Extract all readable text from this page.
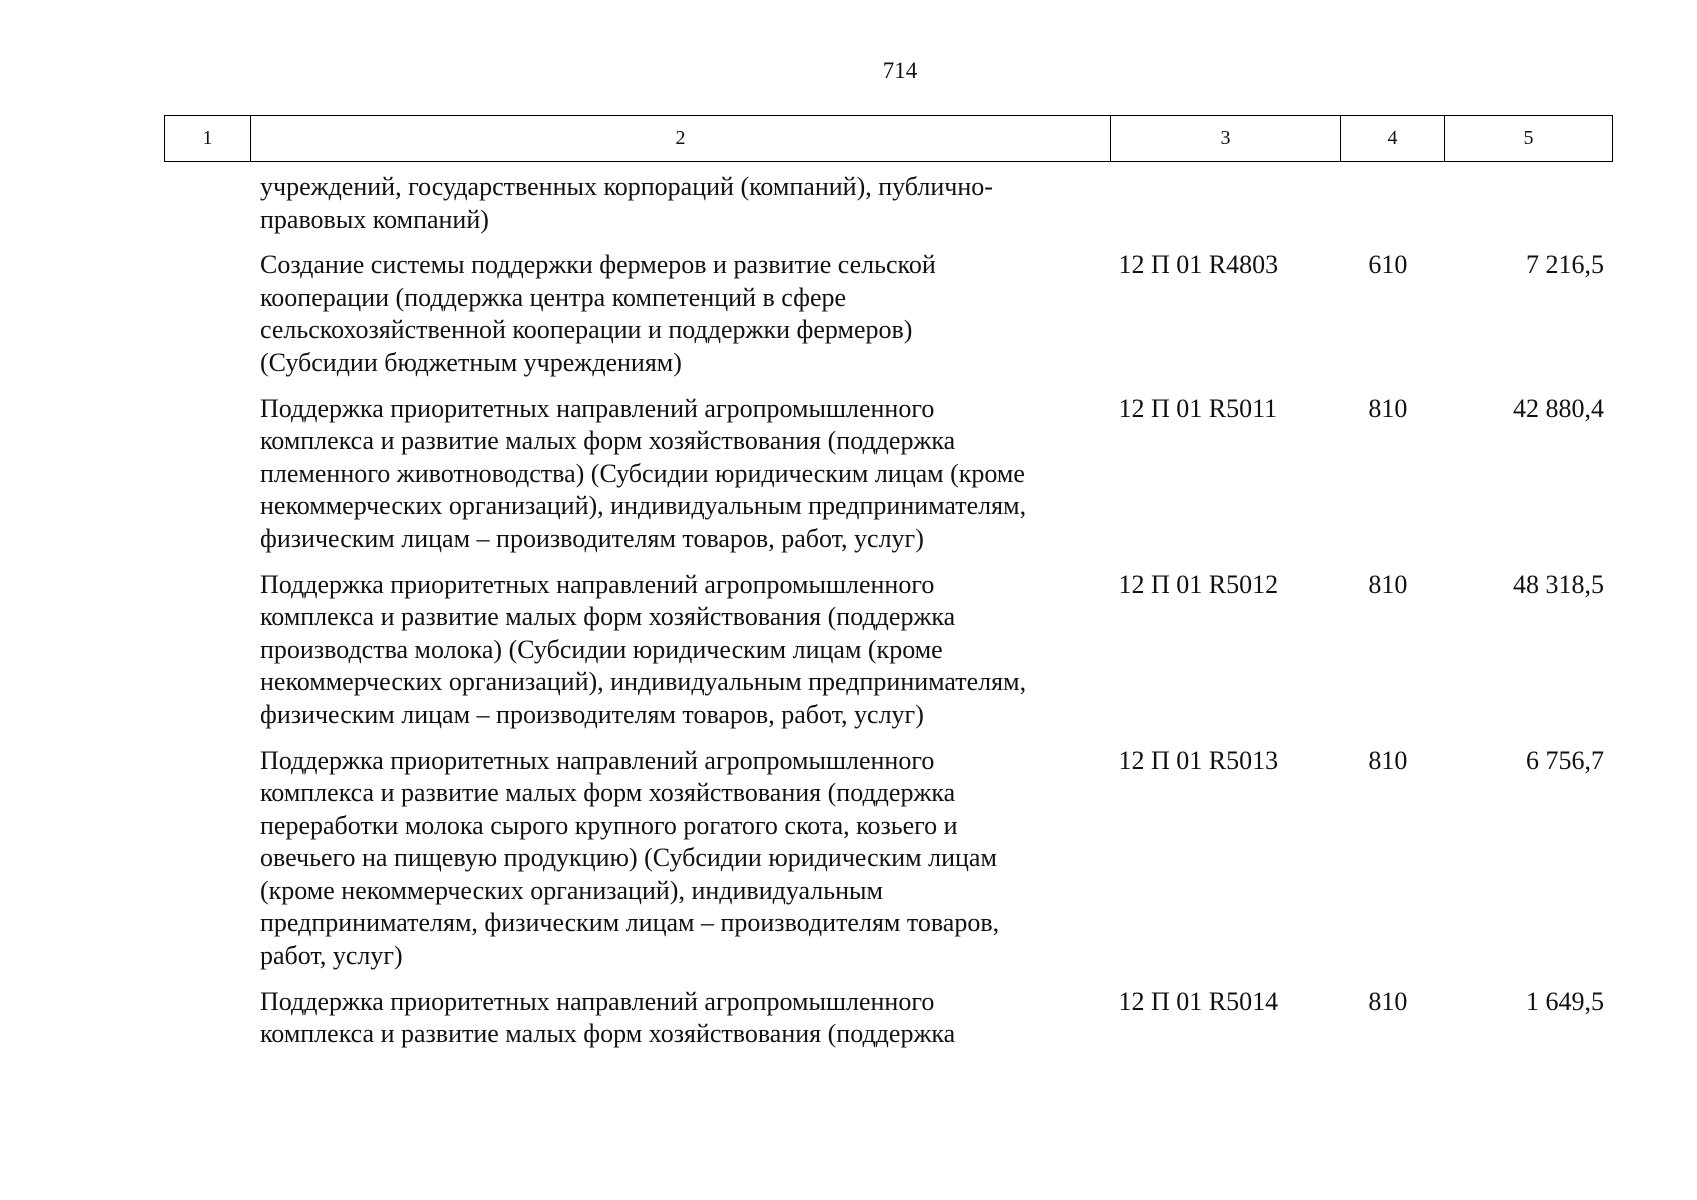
714
1	2	3	4	5
учреждений, государственных корпораций (компаний), публично-
правовых компаний)
Создание системы поддержки фермеров и развитие сельской
кооперации (поддержка центра компетенций в сфере
сельскохозяйственной кооперации и поддержки фермеров)
(Субсидии бюджетным учреждениям)
12 П 01 R4803	610	7 216,5
Поддержка приоритетных направлений агропромышленного
комплекса и развитие малых форм хозяйствования (поддержка
племенного животноводства) (Субсидии юридическим лицам (кроме
некоммерческих организаций), индивидуальным предпринимателям,
физическим лицам – производителям товаров, работ, услуг)
12 П 01 R5011	810	42 880,4
Поддержка приоритетных направлений агропромышленного
комплекса и развитие малых форм хозяйствования (поддержка
производства молока) (Субсидии юридическим лицам (кроме
некоммерческих организаций), индивидуальным предпринимателям,
физическим лицам – производителям товаров, работ, услуг)
12 П 01 R5012	810	48 318,5
Поддержка приоритетных направлений агропромышленного
комплекса и развитие малых форм хозяйствования (поддержка
переработки молока сырого крупного рогатого скота, козьего и
овечьего на пищевую продукцию) (Субсидии юридическим лицам
(кроме некоммерческих организаций), индивидуальным
предпринимателям, физическим лицам – производителям товаров,
работ, услуг)
12 П 01 R5013	810	6 756,7
Поддержка приоритетных направлений агропромышленного
комплекса и развитие малых форм хозяйствования (поддержка
12 П 01 R5014	810	1 649,5
